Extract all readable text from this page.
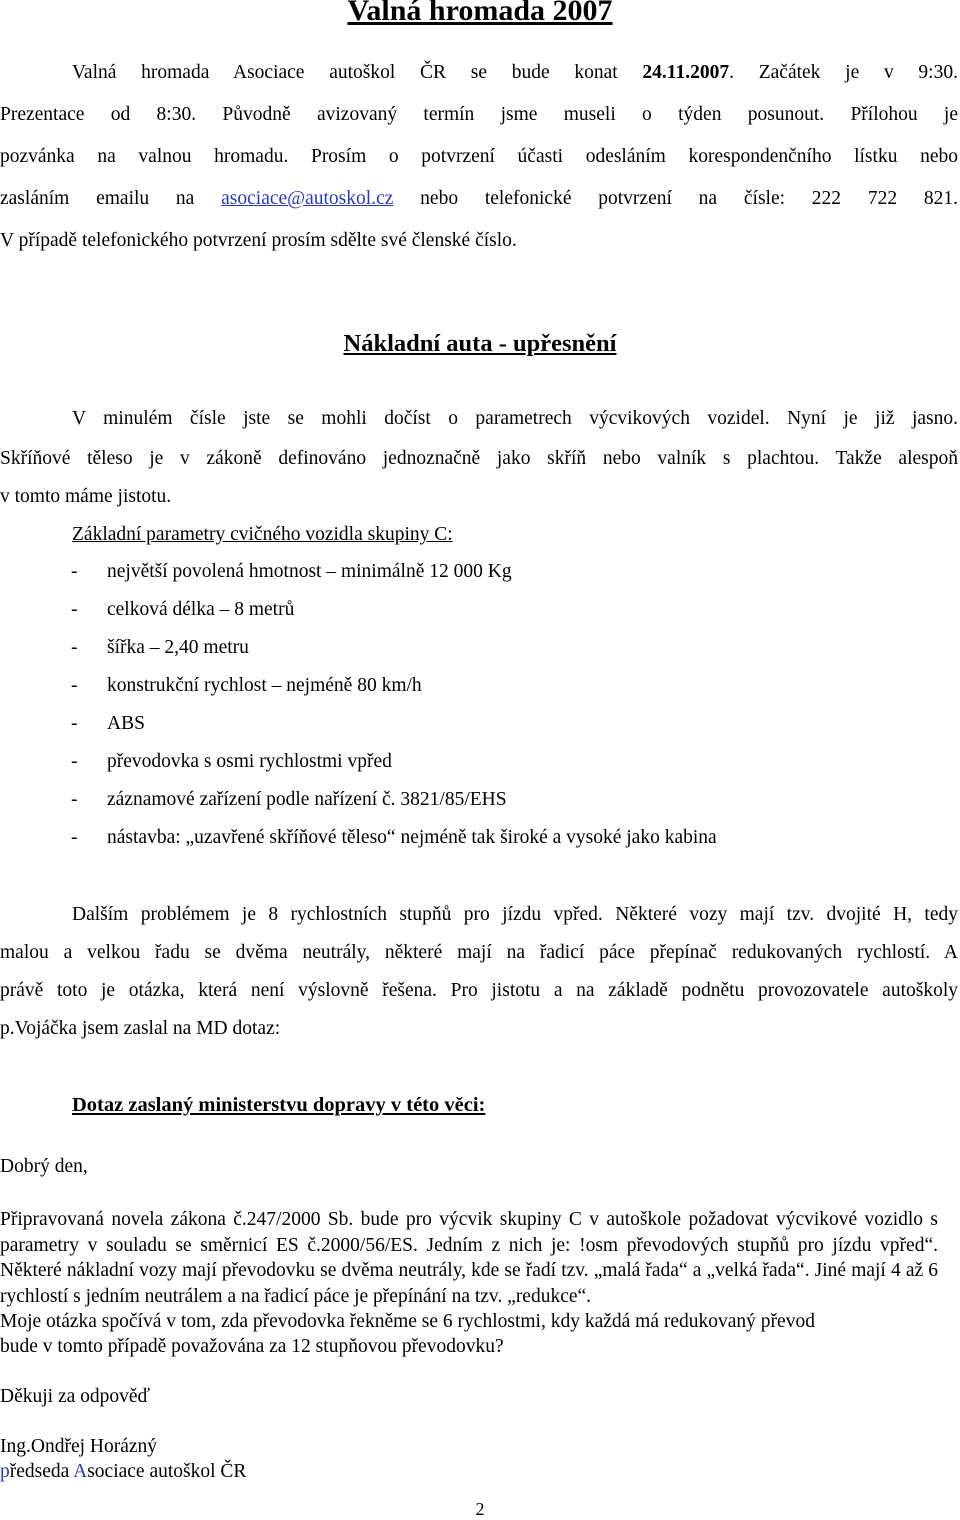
Valná hromada 2007
Valná hromada Asociace autoškol ČR se bude konat 24.11.2007. Začátek je v 9:30.
Prezentace od 8:30. Původně avizovaný termín jsme museli o týden posunout. Přílohou je
pozvánka na valnou hromadu. Prosím o potvrzení účasti odesláním korespondenčního lístku nebo
zasláním emailu na asociace@autoskol.cz nebo telefonické potvrzení na čísle: 222 722 821.
V případě telefonického potvrzení prosím sdělte své členské číslo.
Nákladní auta - upřesnění
V minulém čísle jste se mohli dočíst o parametrech výcvikových vozidel. Nyní je již jasno.
Skříňové těleso je v zákoně definováno jednoznačně jako skříň nebo valník s plachtou. Takže alespoň
v tomto máme jistotu.
Základní parametry cvičného vozidla skupiny C:
- největší povolená hmotnost – minimálně 12 000 Kg
- celková délka – 8 metrů
- šířka – 2,40 metru
- konstrukční rychlost – nejméně 80 km/h
- ABS
- převodovka s osmi rychlostmi vpřed
- záznamové zařízení podle nařízení č. 3821/85/EHS
- nástavba: „uzavřené skříňové těleso“ nejméně tak široké a vysoké jako kabina
Dalším problémem je 8 rychlostních stupňů pro jízdu vpřed. Některé vozy mají tzv. dvojité H, tedy
malou a velkou řadu se dvěma neutrály, některé mají na řadicí páce přepínač redukovaných rychlostí. A
právě toto je otázka, která není výslovně řešena. Pro jistotu a na základě podnětu provozovatele autoškoly
p.Vojáčka jsem zaslal na MD dotaz:
Dotaz zaslaný ministerstvu dopravy v této věci:
Dobrý den,
Připravovaná novela zákona č.247/2000 Sb. bude pro výcvik skupiny C v autoškole požadovat výcvikové vozidlo s parametry v souladu se směrnicí ES č.2000/56/ES. Jedním z nich je: !osm převodových stupňů pro jízdu vpřed“. Některé nákladní vozy mají převodovku se dvěma neutrály, kde se řadí tzv. „malá řada“ a „velká řada“. Jiné mají 4 až 6 rychlostí s jedním neutrálem a na řadicí páce je přepínání na tzv. „redukce“.
Moje otázka spočívá v tom, zda převodovka řekněme se 6 rychlostmi, kdy každá má redukovaný převod
bude v tomto případě považována za 12 stupňovou převodovku?
Děkuji za odpověď
Ing.Ondřej Horázný
předseda Asociace autoškol ČR
2
